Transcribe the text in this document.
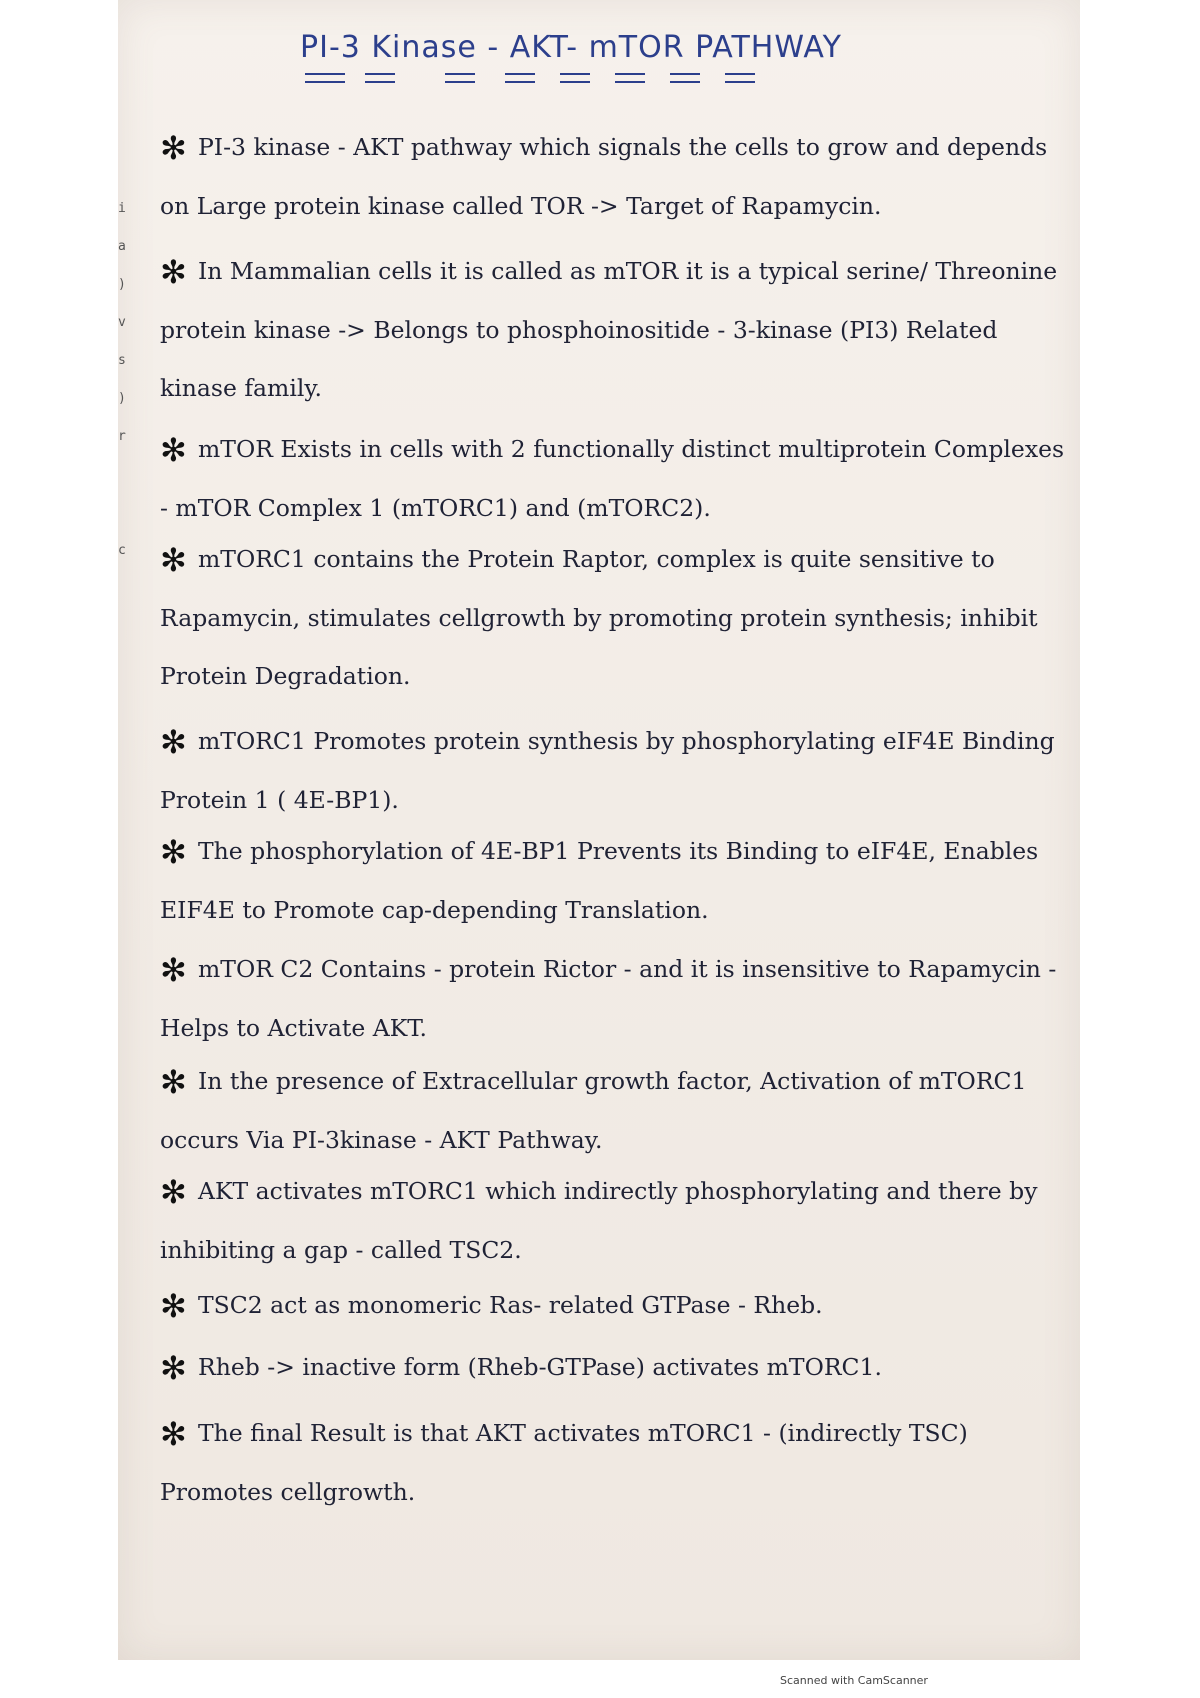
i
a
)
v
s
)
r

c
PI-3 Kinase - AKT- mTOR PATHWAY
✻ PI-3 kinase - AKT pathway which signals the cells to grow and depends on Large protein kinase called TOR -> Target of Rapamycin.
✻ In Mammalian cells it is called as mTOR it is a typical serine/ Threonine protein kinase -> Belongs to phosphoinositide - 3-kinase (PI3) Related kinase family.
✻ mTOR Exists in cells with 2 functionally distinct multiprotein Complexes - mTOR Complex 1 (mTORC1) and (mTORC2).
✻ mTORC1 contains the Protein Raptor, complex is quite sensitive to Rapamycin, stimulates cellgrowth by promoting protein synthesis; inhibit Protein Degradation.
✻ mTORC1 Promotes protein synthesis by phosphorylating eIF4E Binding Protein 1 ( 4E-BP1).
✻ The phosphorylation of 4E-BP1 Prevents its Binding to eIF4E, Enables EIF4E to Promote cap-depending Translation.
✻ mTOR C2 Contains - protein Rictor - and it is insensitive to Rapamycin - Helps to Activate AKT.
✻ In the presence of Extracellular growth factor, Activation of mTORC1 occurs Via PI-3kinase - AKT Pathway.
✻ AKT activates mTORC1 which indirectly phosphorylating and there by inhibiting a gap - called TSC2.
✻ TSC2 act as monomeric Ras- related GTPase - Rheb.
✻ Rheb -> inactive form (Rheb-GTPase) activates mTORC1.
✻ The final Result is that AKT activates mTORC1 - (indirectly TSC) Promotes cellgrowth.
Scanned with CamScanner
